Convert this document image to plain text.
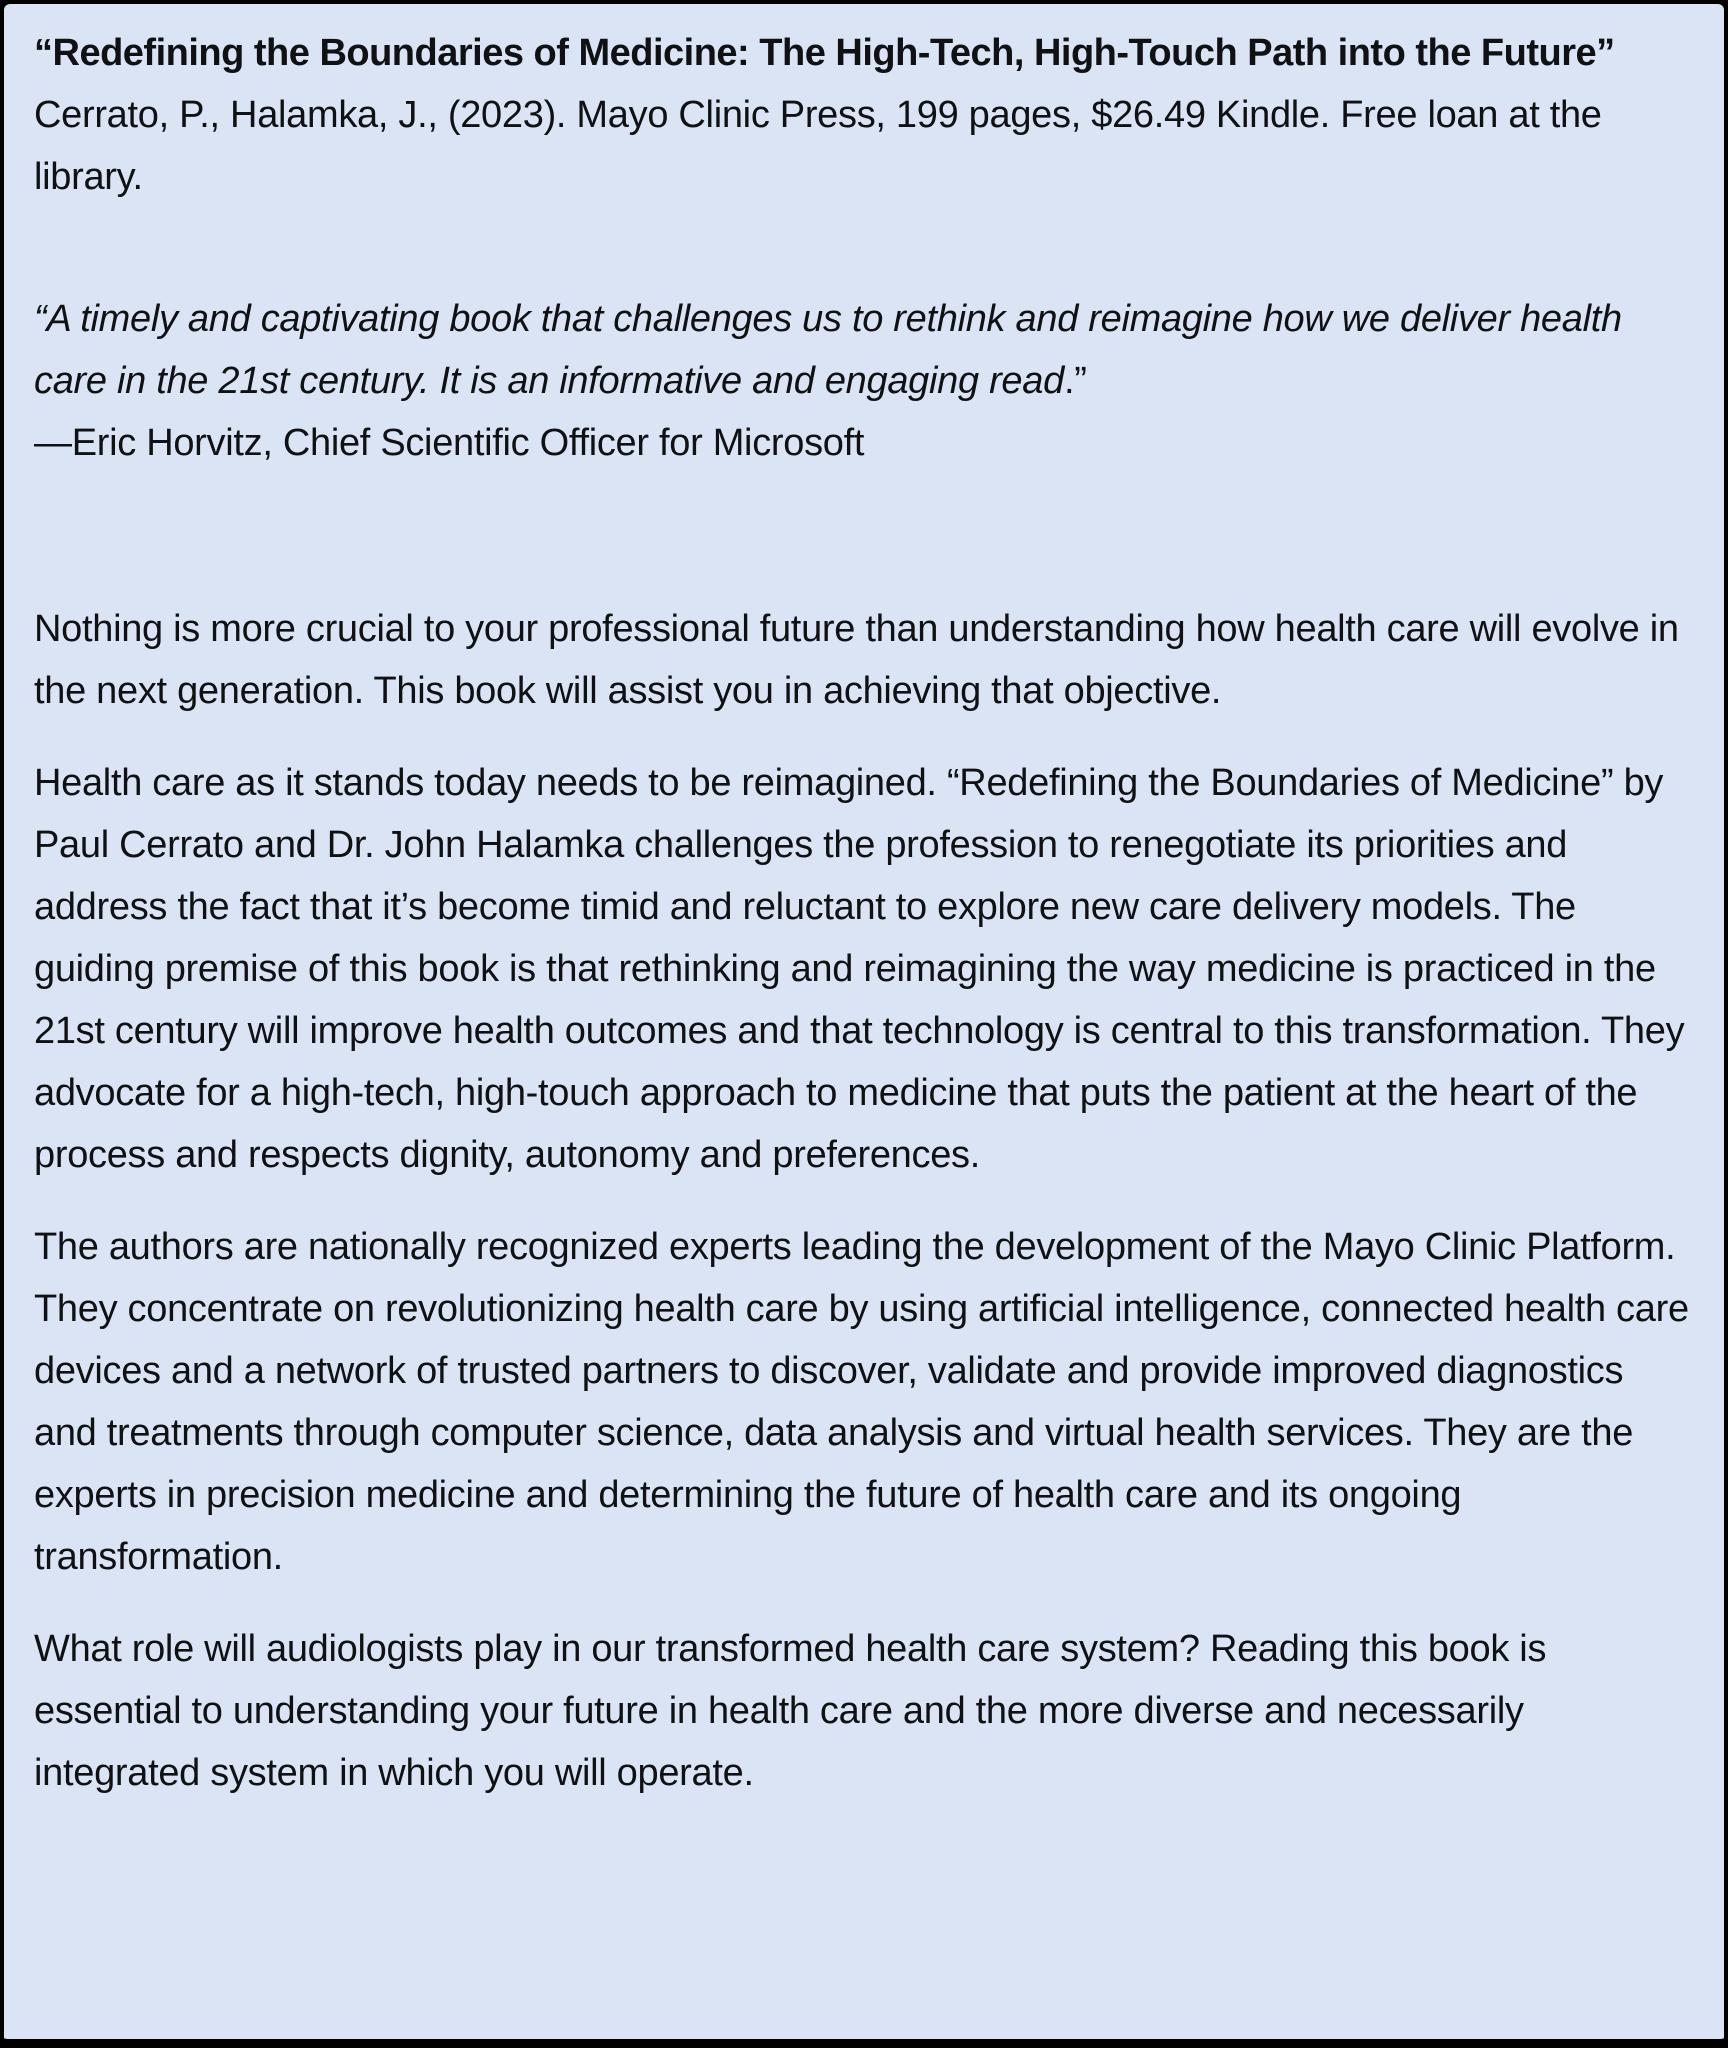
“Redefining the Boundaries of Medicine: The High-Tech, High-Touch Path into the Future”

Cerrato, P., Halamka, J., (2023). Mayo Clinic Press, 199 pages, $26.49 Kindle. Free loan at the library.

“A timely and captivating book that challenges us to rethink and reimagine how we deliver health care in the 21st century. It is an informative and engaging read.”

—Eric Horvitz, Chief Scientific Officer for Microsoft

Nothing is more crucial to your professional future than understanding how health care will evolve in the next generation. This book will assist you in achieving that objective.

Health care as it stands today needs to be reimagined. “Redefining the Boundaries of Medicine” by Paul Cerrato and Dr. John Halamka challenges the profession to renegotiate its priorities and address the fact that it’s become timid and reluctant to explore new care delivery models. The guiding premise of this book is that rethinking and reimagining the way medicine is practiced in the 21st century will improve health outcomes and that technology is central to this transformation. They advocate for a high-tech, high-touch approach to medicine that puts the patient at the heart of the process and respects dignity, autonomy and preferences.

The authors are nationally recognized experts leading the development of the Mayo Clinic Platform. They concentrate on revolutionizing health care by using artificial intelligence, connected health care devices and a network of trusted partners to discover, validate and provide improved diagnostics and treatments through computer science, data analysis and virtual health services. They are the experts in precision medicine and determining the future of health care and its ongoing transformation.

What role will audiologists play in our transformed health care system? Reading this book is essential to understanding your future in health care and the more diverse and necessarily integrated system in which you will operate.
